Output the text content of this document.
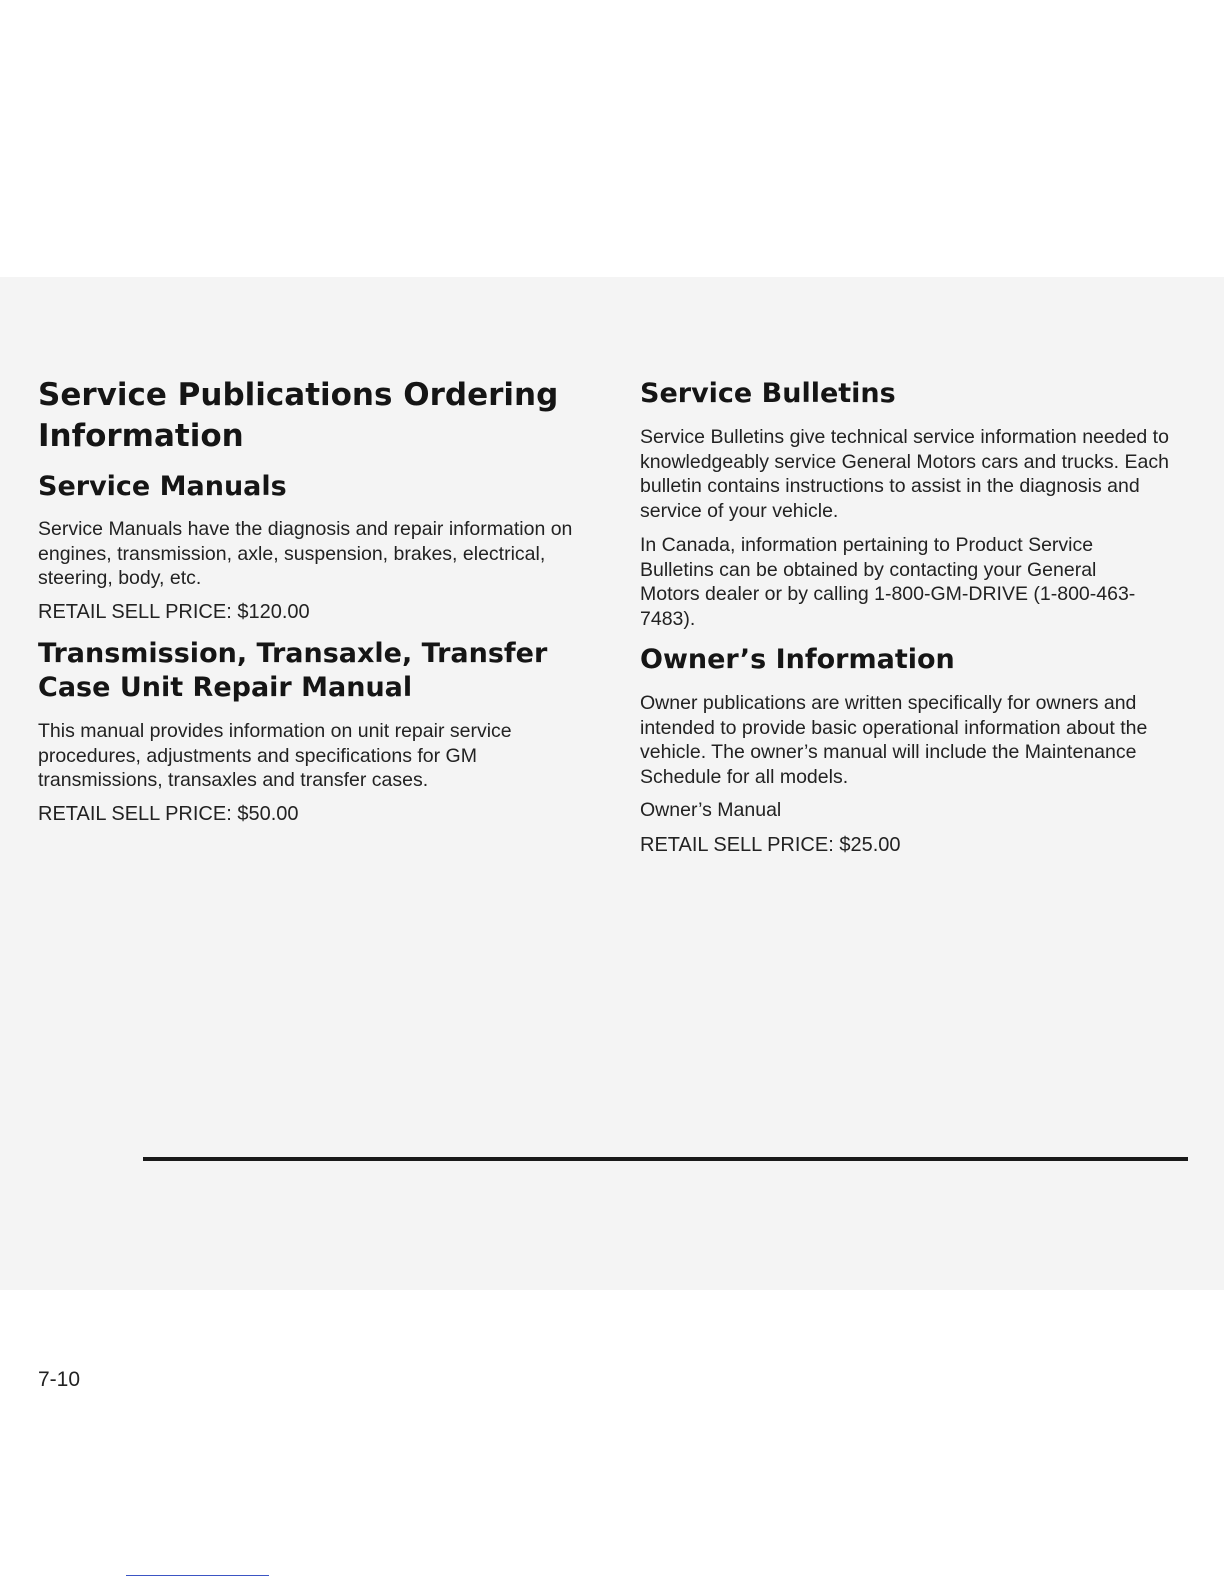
Service Publications Ordering Information
Service Manuals

Service Manuals have the diagnosis and repair information on engines, transmission, axle, suspension, brakes, electrical, steering, body, etc.

RETAIL SELL PRICE: $120.00

Transmission, Transaxle, Transfer Case Unit Repair Manual

This manual provides information on unit repair service procedures, adjustments and specifications for GM transmissions, transaxles and transfer cases.

RETAIL SELL PRICE: $50.00

Service Bulletins

Service Bulletins give technical service information needed to knowledgeably service General Motors cars and trucks. Each bulletin contains instructions to assist in the diagnosis and service of your vehicle.

In Canada, information pertaining to Product Service Bulletins can be obtained by contacting your General Motors dealer or by calling 1-800-GM-DRIVE (1-800-463-7483).

Owner’s Information

Owner publications are written specifically for owners and intended to provide basic operational information about the vehicle. The owner’s manual will include the Maintenance Schedule for all models.

Owner’s Manual

RETAIL SELL PRICE: $25.00

7-10
